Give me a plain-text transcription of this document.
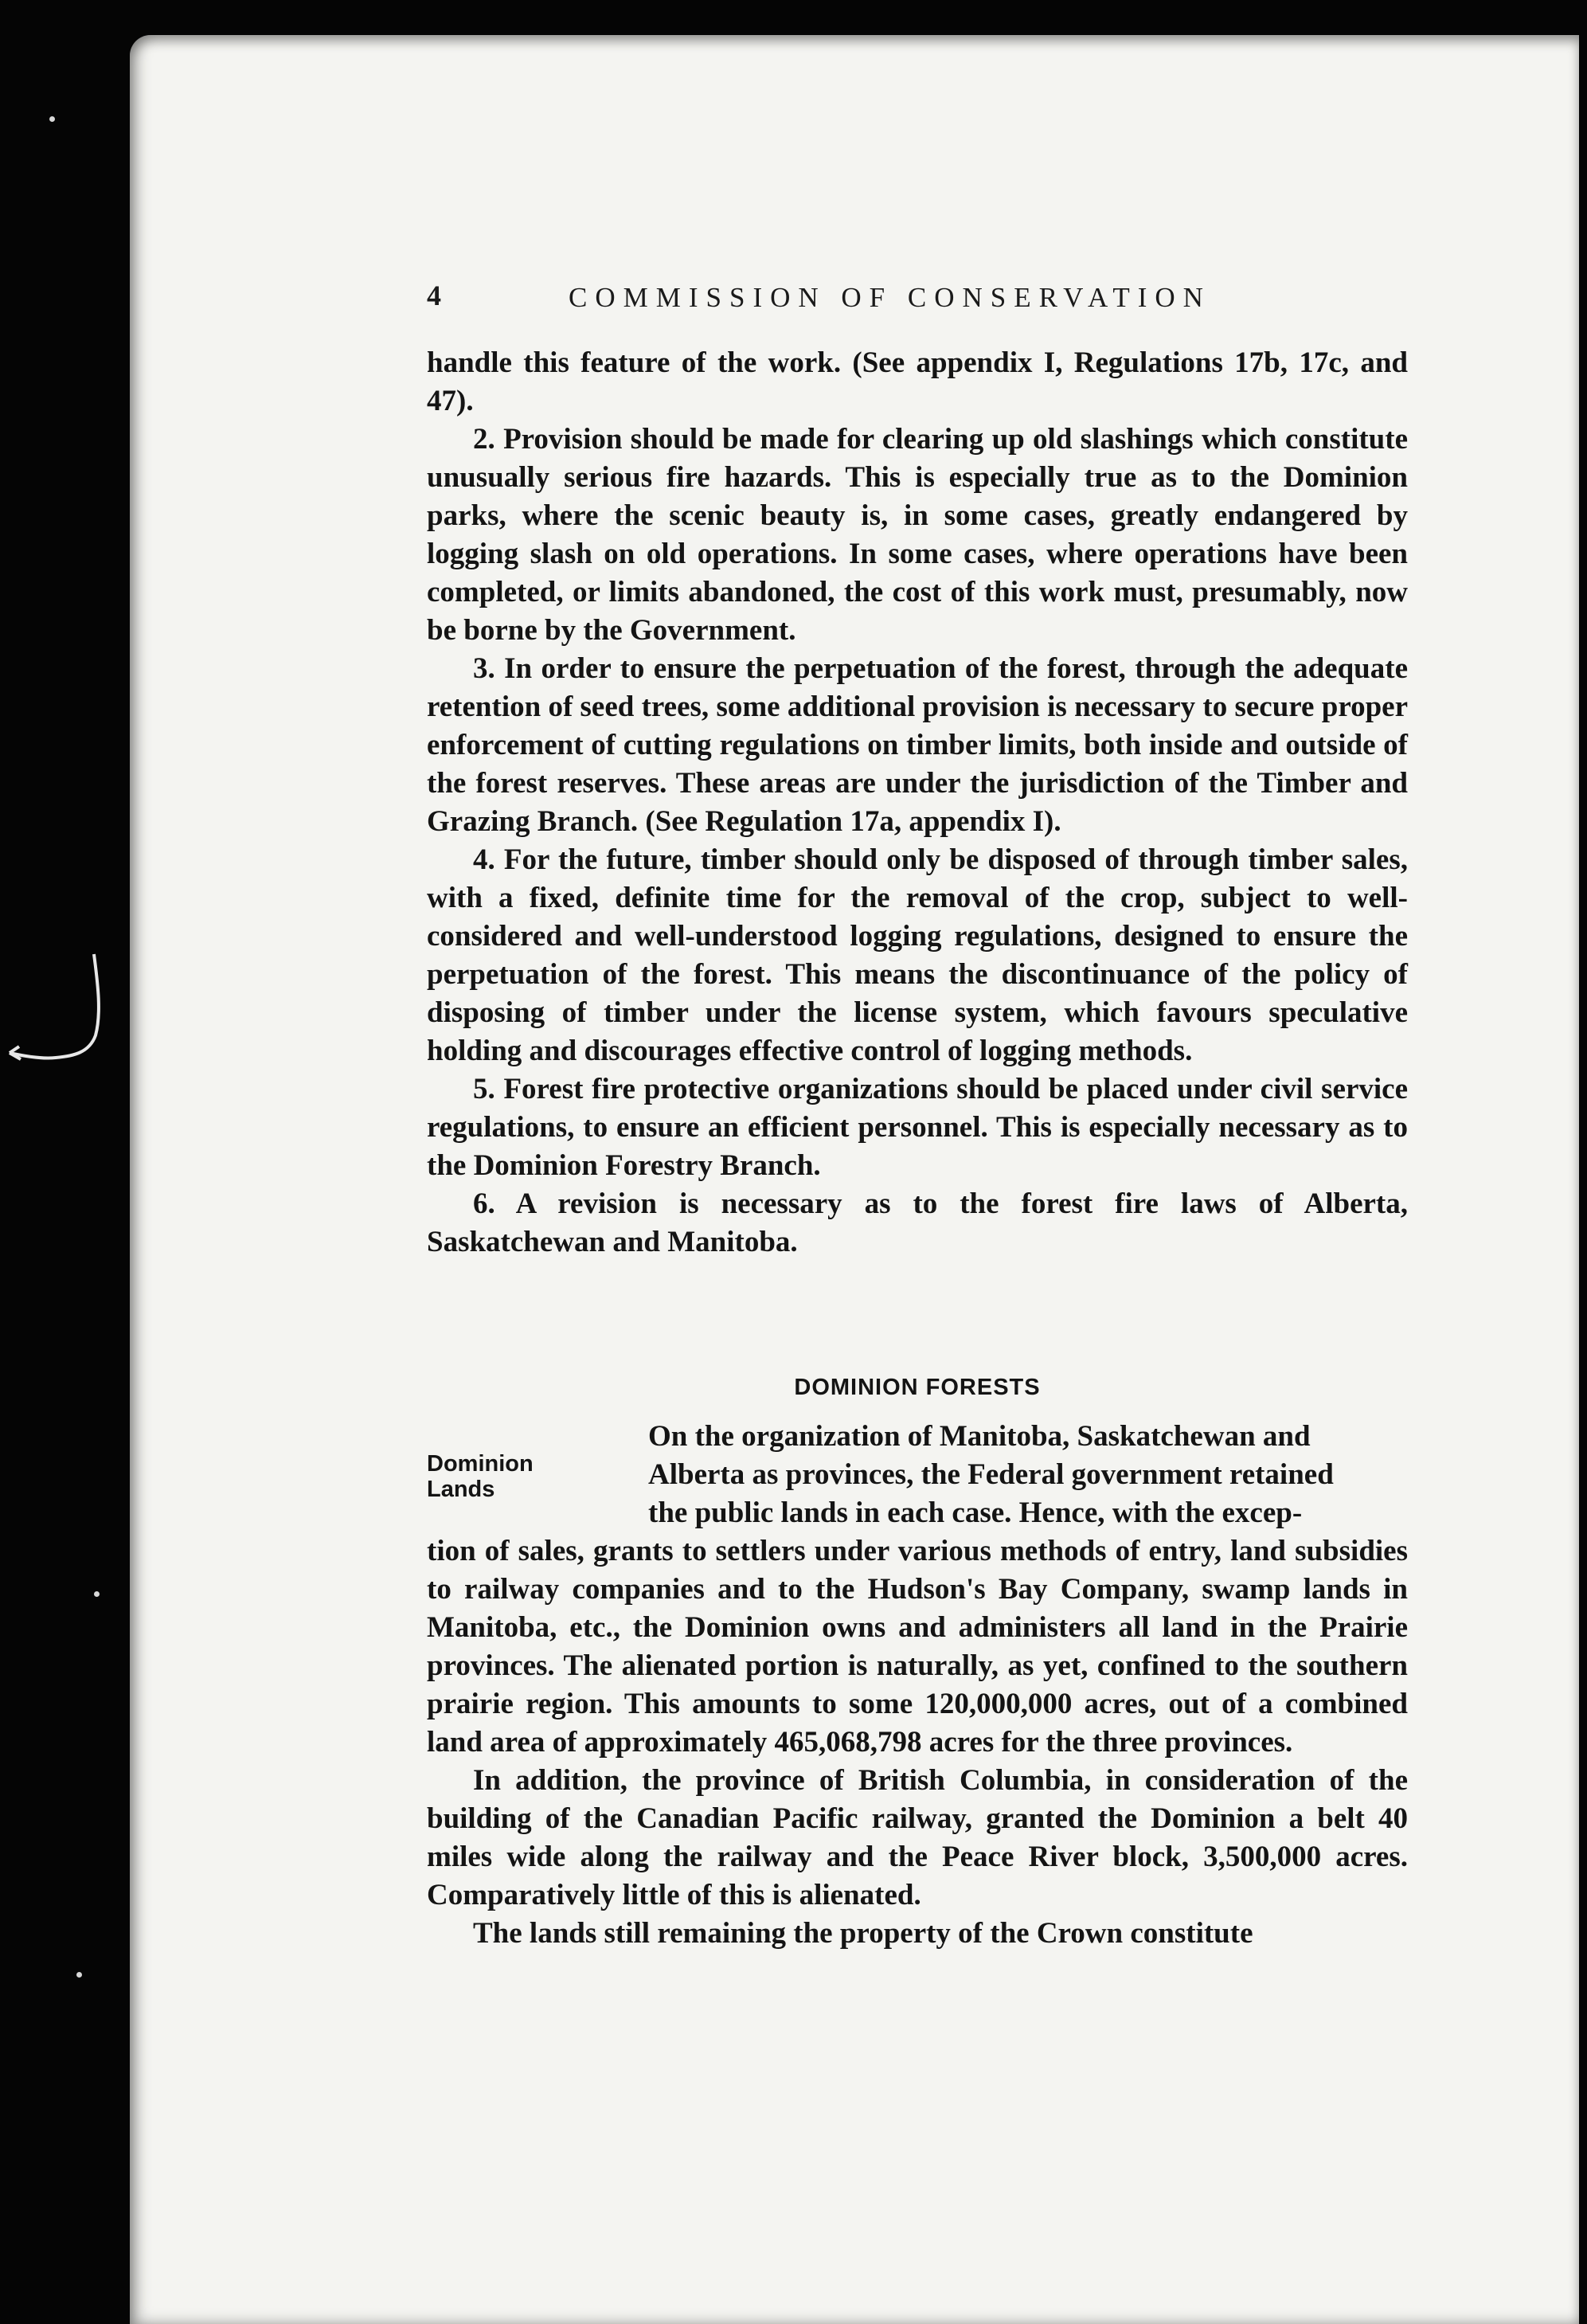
4	COMMISSION OF CONSERVATION

handle this feature of the work. (See appendix I, Regulations 17b, 17c, and 47).

2. Provision should be made for clearing up old slashings which constitute unusually serious fire hazards. This is especially true as to the Dominion parks, where the scenic beauty is, in some cases, greatly endangered by logging slash on old operations. In some cases, where operations have been completed, or limits abandoned, the cost of this work must, presumably, now be borne by the Government.

3. In order to ensure the perpetuation of the forest, through the adequate retention of seed trees, some additional provision is necessary to secure proper enforcement of cutting regulations on timber limits, both inside and outside of the forest reserves. These areas are under the jurisdiction of the Timber and Grazing Branch. (See Regulation 17a, appendix I).

4. For the future, timber should only be disposed of through timber sales, with a fixed, definite time for the removal of the crop, subject to well-considered and well-understood logging regulations, designed to ensure the perpetuation of the forest. This means the discontinuance of the policy of disposing of timber under the license system, which favours speculative holding and discourages effective control of logging methods.

5. Forest fire protective organizations should be placed under civil service regulations, to ensure an efficient personnel. This is especially necessary as to the Dominion Forestry Branch.

6. A revision is necessary as to the forest fire laws of Alberta, Saskatchewan and Manitoba.

DOMINION FORESTS
Dominion
Lands

On the organization of Manitoba, Saskatchewan and

Alberta as provinces, the Federal government retained

the public lands in each case. Hence, with the excep-

tion of sales, grants to settlers under various methods of entry, land subsidies to railway companies and to the Hudson's Bay Company, swamp lands in Manitoba, etc., the Dominion owns and administers all land in the Prairie provinces. The alienated portion is naturally, as yet, confined to the southern prairie region. This amounts to some 120,000,000 acres, out of a combined land area of approximately 465,068,798 acres for the three provinces.

In addition, the province of British Columbia, in consideration of the building of the Canadian Pacific railway, granted the Dominion a belt 40 miles wide along the railway and the Peace River block, 3,500,000 acres. Comparatively little of this is alienated.

The lands still remaining the property of the Crown constitute
